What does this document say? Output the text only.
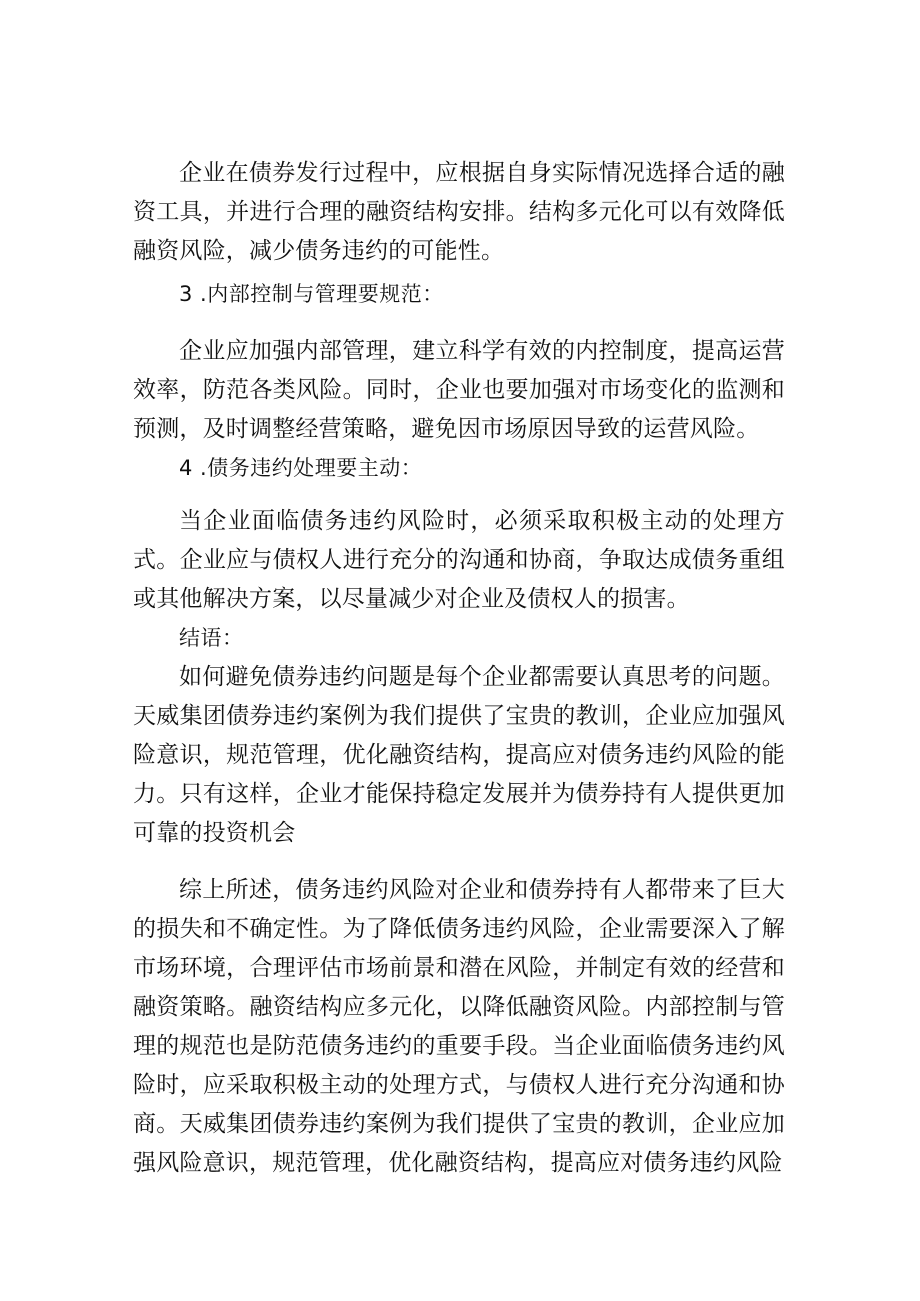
企业在债券发行过程中，应根据自身实际情况选择合适的融资工具，并进行合理的融资结构安排。结构多元化可以有效降低融资风险，减少债务违约的可能性。

3 .内部控制与管理要规范：

企业应加强内部管理，建立科学有效的内控制度，提高运营效率，防范各类风险。同时，企业也要加强对市场变化的监测和预测，及时调整经营策略，避免因市场原因导致的运营风险。

4 .债务违约处理要主动：

当企业面临债务违约风险时，必须采取积极主动的处理方式。企业应与债权人进行充分的沟通和协商，争取达成债务重组或其他解决方案，以尽量减少对企业及债权人的损害。

结语：

如何避免债券违约问题是每个企业都需要认真思考的问题。天威集团债券违约案例为我们提供了宝贵的教训，企业应加强风险意识，规范管理，优化融资结构，提高应对债务违约风险的能力。只有这样，企业才能保持稳定发展并为债券持有人提供更加可靠的投资机会

综上所述，债务违约风险对企业和债券持有人都带来了巨大的损失和不确定性。为了降低债务违约风险，企业需要深入了解市场环境，合理评估市场前景和潜在风险，并制定有效的经营和融资策略。融资结构应多元化，以降低融资风险。内部控制与管理的规范也是防范债务违约的重要手段。当企业面临债务违约风险时，应采取积极主动的处理方式，与债权人进行充分沟通和协商。天威集团债券违约案例为我们提供了宝贵的教训，企业应加强风险意识，规范管理，优化融资结构，提高应对债务违约风险
